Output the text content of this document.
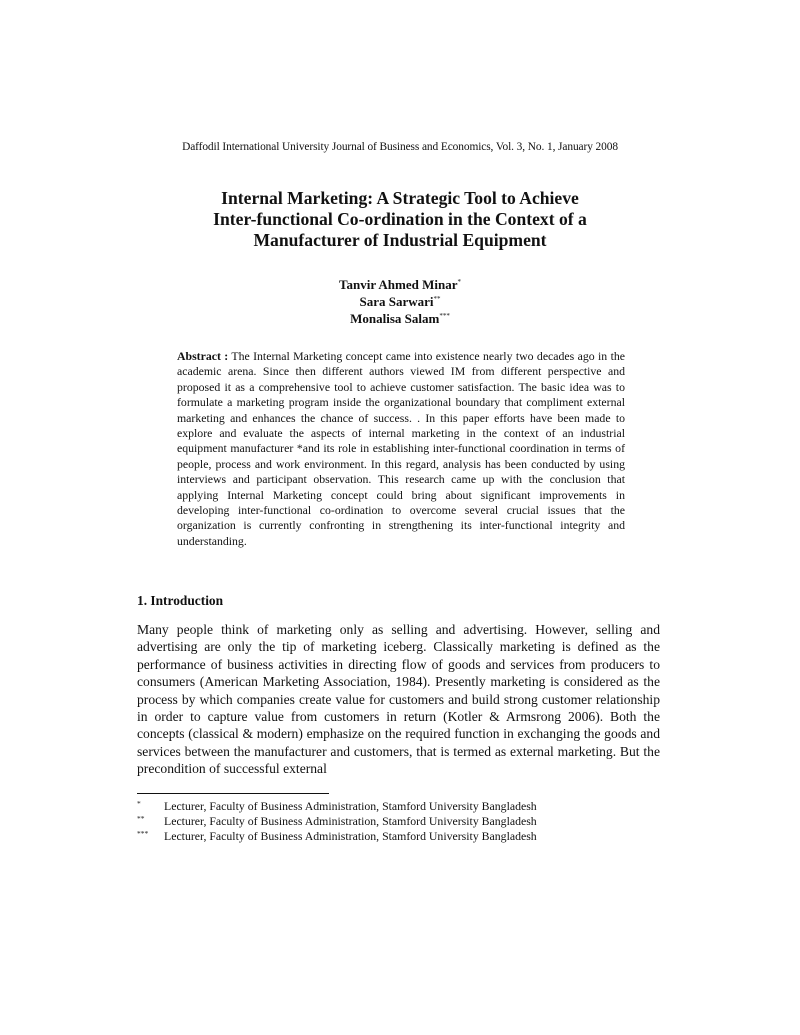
Daffodil International University Journal of Business and Economics, Vol. 3, No. 1, January 2008
Internal Marketing: A Strategic Tool to Achieve
Inter-functional Co-ordination in the Context of a
Manufacturer of Industrial Equipment
Tanvir Ahmed Minar*
Sara Sarwari**
Monalisa Salam***
Abstract : The Internal Marketing concept came into existence nearly two decades ago in the academic arena. Since then different authors viewed IM from different perspective and proposed it as a comprehensive tool to achieve customer satisfaction. The basic idea was to formulate a marketing program inside the organizational boundary that compliment external marketing and enhances the chance of success. . In this paper efforts have been made to explore and evaluate the aspects of internal marketing in the context of an industrial equipment manufacturer *and its role in establishing inter-functional coordination in terms of people, process and work environment. In this regard, analysis has been conducted by using interviews and participant observation. This research came up with the conclusion that applying Internal Marketing concept could bring about significant improvements in developing inter-functional co-ordination to overcome several crucial issues that the organization is currently confronting in strengthening its inter-functional integrity and understanding.
1. Introduction
Many people think of marketing only as selling and advertising. However, selling and advertising are only the tip of marketing iceberg. Classically marketing is defined as the performance of business activities in directing flow of goods and services from producers to consumers (American Marketing Association, 1984). Presently marketing is considered as the process by which companies create value for customers and build strong customer relationship in order to capture value from customers in return (Kotler & Armsrong 2006). Both the concepts (classical & modern) emphasize on the required function in exchanging the goods and services between the manufacturer and customers, that is termed as external marketing. But the precondition of successful external
* Lecturer, Faculty of Business Administration, Stamford University Bangladesh
** Lecturer, Faculty of Business Administration, Stamford University Bangladesh
*** Lecturer, Faculty of Business Administration, Stamford University Bangladesh
